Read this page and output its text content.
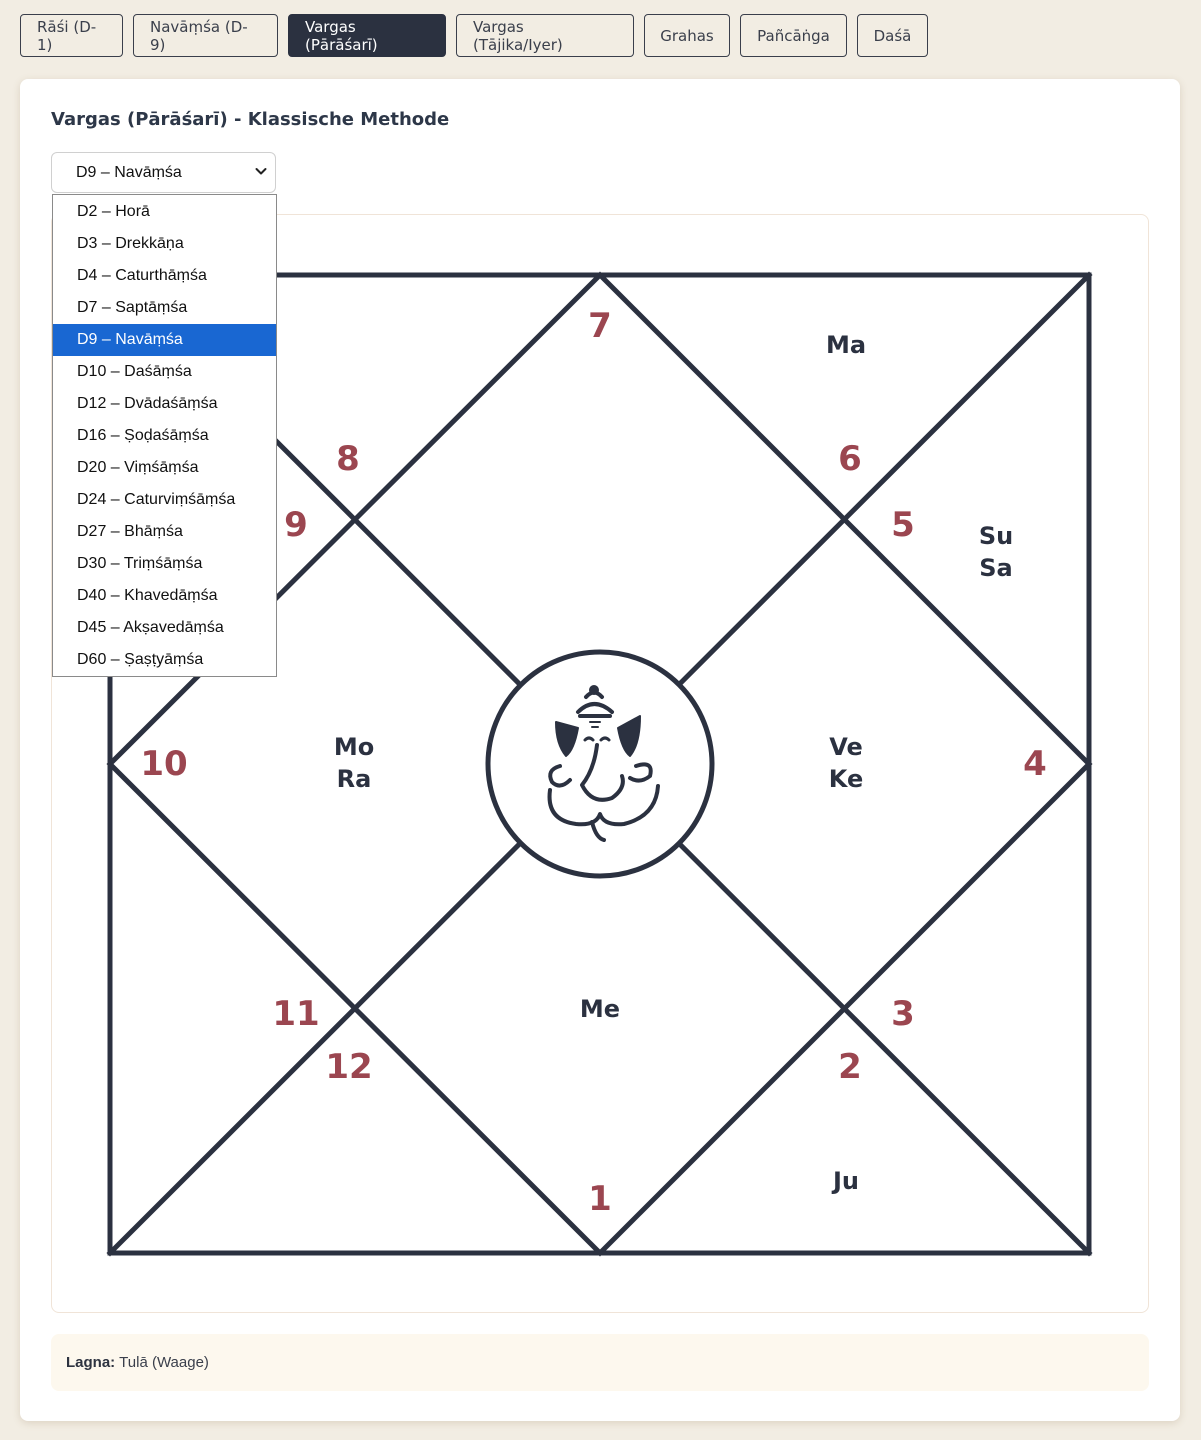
Rāśi (D-1)
Navāṃśa (D-9)
Vargas (Pārāśarī)
Vargas (Tājika/Iyer)	Grahas	Pañcāṅga	Daśā
Vargas (Pārāśarī) - Klassische Methode
1
2
3
4
5
6
7
8
9
10
11
12
Ma
Su
Sa
Mo
Ra
Ve
Ke
Me
Ju
D9 – Navāṃśa
D2 – Horā
D3 – Drekkāṇa
D4 – Caturthāṃśa
D7 – Saptāṃśa
D9 – Navāṃśa
D10 – Daśāṃśa
D12 – Dvādaśāṃśa
D16 – Ṣoḍaśāṃśa
D20 – Viṃśāṃśa
D24 – Caturviṃśāṃśa
D27 – Bhāṃśa
D30 – Triṃśāṃśa
D40 – Khavedāṃśa
D45 – Akṣavedāṃśa
D60 – Ṣaṣṭyāṃśa
Lagna: Tulā (Waage)
